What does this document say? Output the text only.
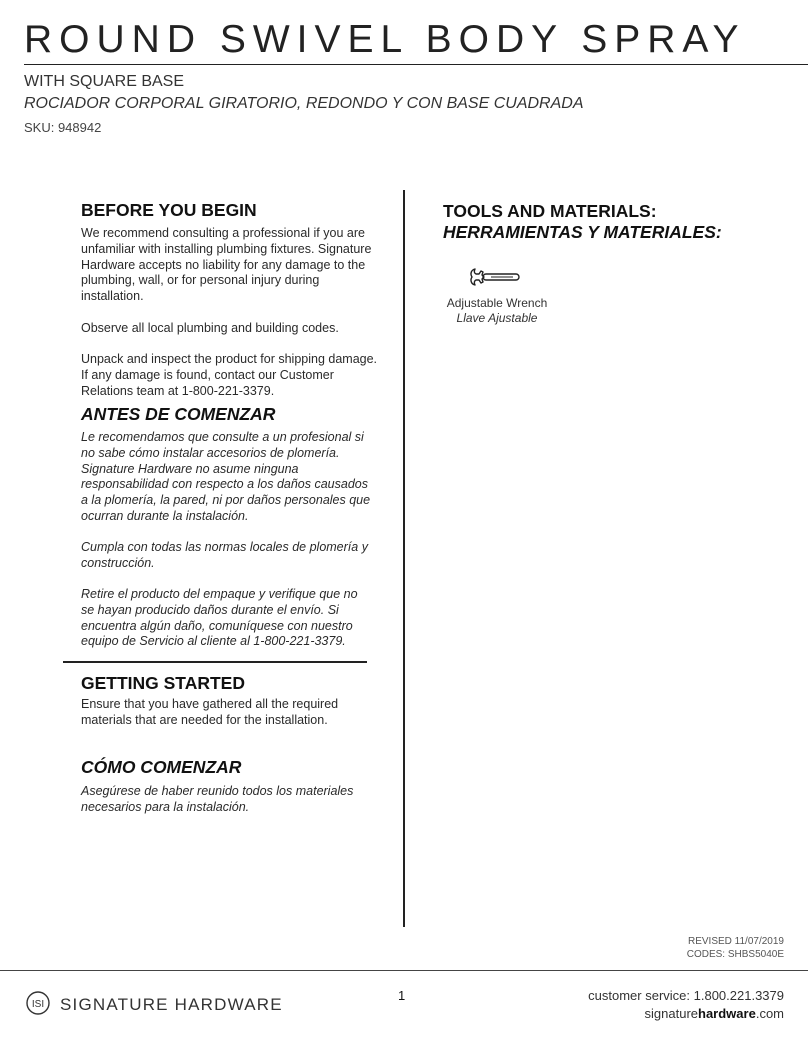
ROUND SWIVEL BODY SPRAY
WITH SQUARE BASE
ROCIADOR CORPORAL GIRATORIO, REDONDO Y CON BASE CUADRADA
SKU: 948942
BEFORE YOU BEGIN
We recommend consulting a professional if you are unfamiliar with installing plumbing fixtures. Signature Hardware accepts no liability for any damage to the plumbing, wall, or for personal injury during installation.
Observe all local plumbing and building codes.
Unpack and inspect the product for shipping damage. If any damage is found, contact our Customer Relations team at 1-800-221-3379.
ANTES DE COMENZAR
Le recomendamos que consulte a un profesional si no sabe cómo instalar accesorios de plomería. Signature Hardware no asume ninguna responsabilidad con respecto a los daños causados a la plomería, la pared, ni por daños personales que ocurran durante la instalación.
Cumpla con todas las normas locales de plomería y construcción.
Retire el producto del empaque y verifique que no se hayan producido daños durante el envío. Si encuentra algún daño, comuníquese con nuestro equipo de Servicio al cliente al 1-800-221-3379.
GETTING STARTED
Ensure that you have gathered all the required materials that are needed for the installation.
CÓMO COMENZAR
Asegúrese de haber reunido todos los materiales necesarios para la instalación.
TOOLS AND MATERIALS:
HERRAMIENTAS Y MATERIALES:
Adjustable Wrench
Llave Ajustable
REVISED 11/07/2019
CODES: SHBS5040E
ISI SIGNATURE HARDWARE	1	customer service: 1.800.221.3379
signaturehardware.com
